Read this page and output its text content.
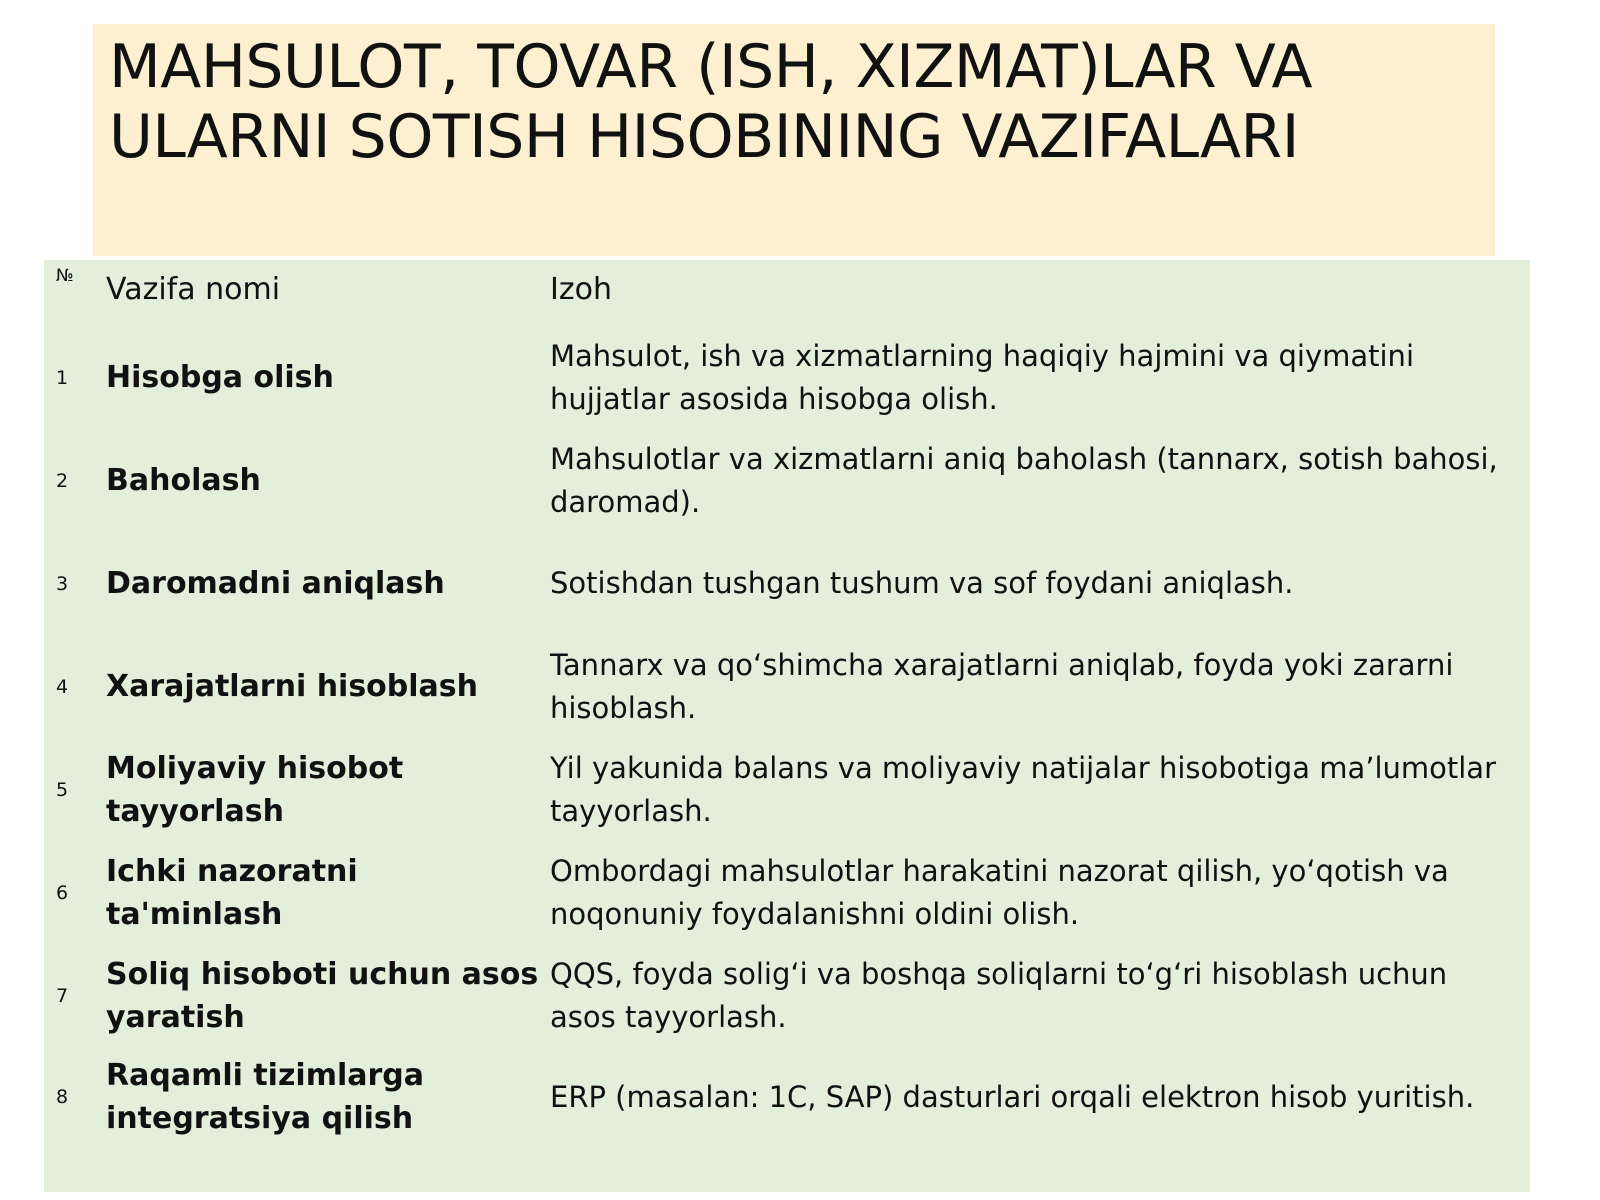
MAHSULOT, TOVAR (ISH, XIZMAT)LAR VA ULARNI SOTISH HISOBINING VAZIFALARI
№	Vazifa nomi	Izoh
1	Hisobga olish	Mahsulot, ish va xizmatlarning haqiqiy hajmini va qiymatini hujjatlar asosida hisobga olish.
2	Baholash	Mahsulotlar va xizmatlarni aniq baholash (tannarx, sotish bahosi, daromad).
3	Daromadni aniqlash	Sotishdan tushgan tushum va sof foydani aniqlash.
4	Xarajatlarni hisoblash	Tannarx va qo‘shimcha xarajatlarni aniqlab, foyda yoki zararni hisoblash.
5	Moliyaviy hisobot tayyorlash	Yil yakunida balans va moliyaviy natijalar hisobotiga ma’lumotlar tayyorlash.
6	Ichki nazoratni ta'minlash	Ombordagi mahsulotlar harakatini nazorat qilish, yo‘qotish va noqonuniy foydalanishni oldini olish.
7	Soliq hisoboti uchun asos yaratish	QQS, foyda solig‘i va boshqa soliqlarni to‘g‘ri hisoblash uchun asos tayyorlash.
8	Raqamli tizimlarga integratsiya qilish	ERP (masalan: 1C, SAP) dasturlari orqali elektron hisob yuritish.
